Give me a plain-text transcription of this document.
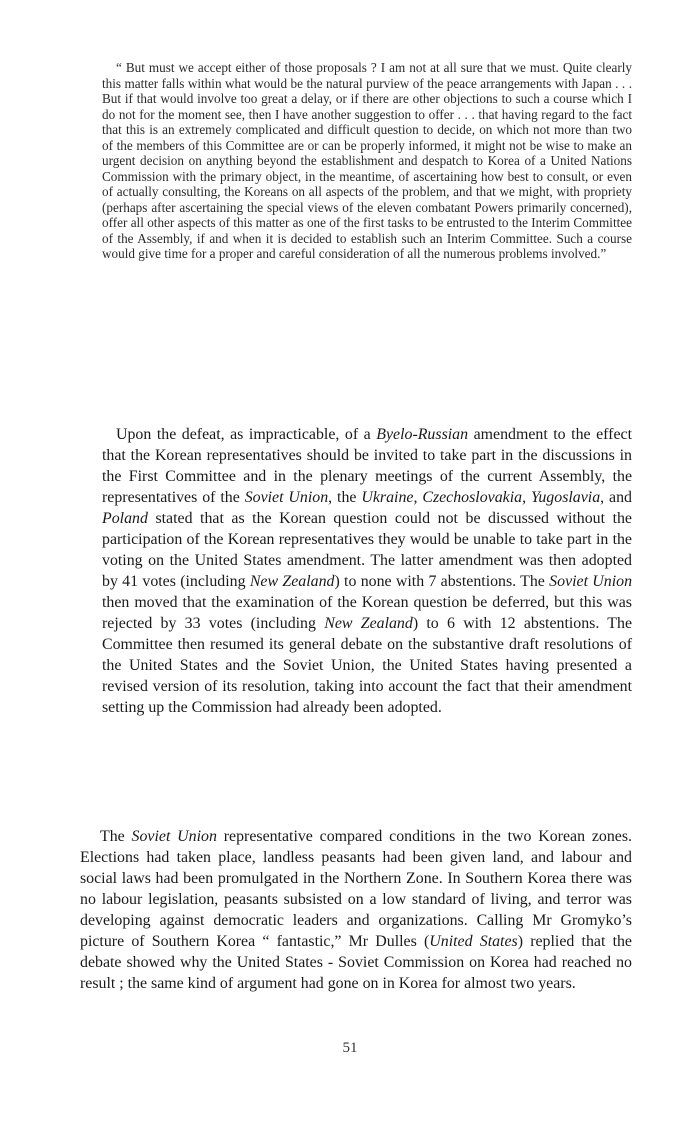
“ But must we accept either of those proposals ? I am not at all sure that we must. Quite clearly this matter falls within what would be the natural purview of the peace arrangements with Japan . . . But if that would involve too great a delay, or if there are other objections to such a course which I do not for the moment see, then I have another suggestion to offer . . . that having regard to the fact that this is an extremely complicated and difficult question to decide, on which not more than two of the members of this Committee are or can be properly informed, it might not be wise to make an urgent decision on anything beyond the establishment and despatch to Korea of a United Nations Commission with the primary object, in the meantime, of ascertaining how best to consult, or even of actually consulting, the Koreans on all aspects of the problem, and that we might, with propriety (perhaps after ascertaining the special views of the eleven combatant Powers primarily concerned), offer all other aspects of this matter as one of the first tasks to be entrusted to the Interim Committee of the Assembly, if and when it is decided to establish such an Interim Committee. Such a course would give time for a proper and careful consideration of all the numerous problems involved.”

Upon the defeat, as impracticable, of a Byelo-Russian amendment to the effect that the Korean representatives should be invited to take part in the discussions in the First Committee and in the plenary meetings of the current Assembly, the representatives of the Soviet Union, the Ukraine, Czechoslovakia, Yugoslavia, and Poland stated that as the Korean question could not be discussed without the participation of the Korean representatives they would be unable to take part in the voting on the United States amendment. The latter amendment was then adopted by 41 votes (including New Zealand) to none with 7 abstentions. The Soviet Union then moved that the examination of the Korean question be deferred, but this was rejected by 33 votes (including New Zealand) to 6 with 12 abstentions. The Committee then resumed its general debate on the substantive draft resolutions of the United States and the Soviet Union, the United States having presented a revised version of its resolution, taking into account the fact that their amendment setting up the Commission had already been adopted.

The Soviet Union representative compared conditions in the two Korean zones. Elections had taken place, landless peasants had been given land, and labour and social laws had been promulgated in the Northern Zone. In Southern Korea there was no labour legislation, peasants subsisted on a low standard of living, and terror was developing against democratic leaders and organizations. Calling Mr Gromyko’s picture of Southern Korea “ fantastic,” Mr Dulles (United States) replied that the debate showed why the United States - Soviet Commission on Korea had reached no result ; the same kind of argument had gone on in Korea for almost two years.

51
